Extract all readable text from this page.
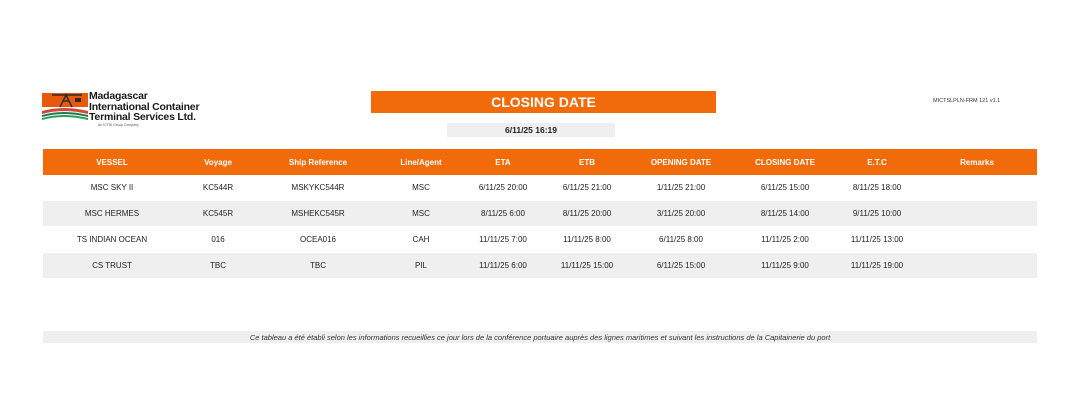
Madagascar
International Container
Terminal Services Ltd.
An ICTSI Group Company
CLOSING DATE
6/11/25 16:19
MICTSLPLN-FRM 121 v1.1
VESSEL	Voyage	Ship Reference	Line/Agent	ETA	ETB	OPENING DATE	CLOSING DATE	E.T.C	Remarks
MSC SKY II	KC544R	MSKYKC544R	MSC	6/11/25 20:00	6/11/25 21:00	1/11/25 21:00	6/11/25 15:00	8/11/25 18:00
MSC HERMES	KC545R	MSHEKC545R	MSC	8/11/25 6:00	8/11/25 20:00	3/11/25 20:00	8/11/25 14:00	9/11/25 10:00
TS INDIAN OCEAN	016	OCEA016	CAH	11/11/25 7:00	11/11/25 8:00	6/11/25 8:00	11/11/25 2:00	11/11/25 13:00
CS TRUST	TBC	TBC	PIL	11/11/25 6:00	11/11/25 15:00	6/11/25 15:00	11/11/25 9:00	11/11/25 19:00
Ce tableau a été établi selon les informations recueillies ce jour lors de la conférence portuaire auprès des lignes maritimes et suivant les instructions de la Capitainerie du port
